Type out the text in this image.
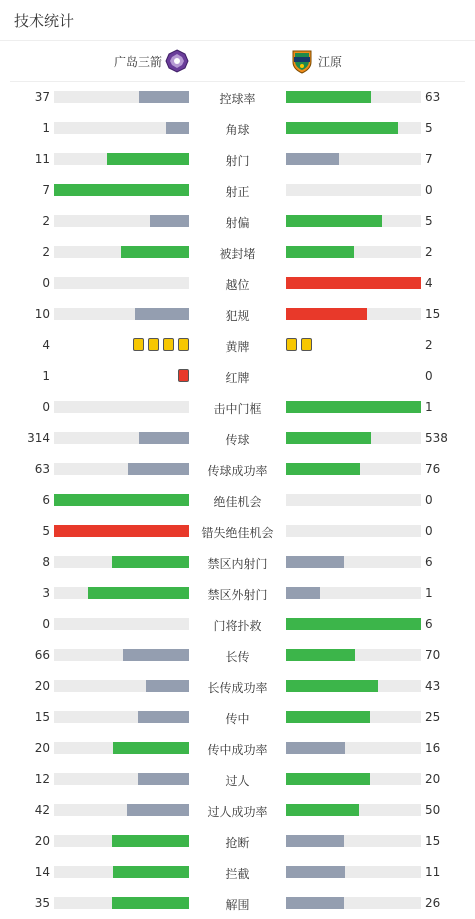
技术统计
广岛三箭	江原
37	控球率	63
1	角球	5
11	射门	7
7	射正	0
2	射偏	5
2	被封堵	2
0	越位	4
10	犯规	15
4	黄牌	2
1	红牌	0
0	击中门框	1
314	传球	538
63	传球成功率	76
6	绝佳机会	0
5	错失绝佳机会	0
8	禁区内射门	6
3	禁区外射门	1
0	门将扑救	6
66	长传	70
20	长传成功率	43
15	传中	25
20	传中成功率	16
12	过人	20
42	过人成功率	50
20	抢断	15
14	拦截	11
35	解围	26
